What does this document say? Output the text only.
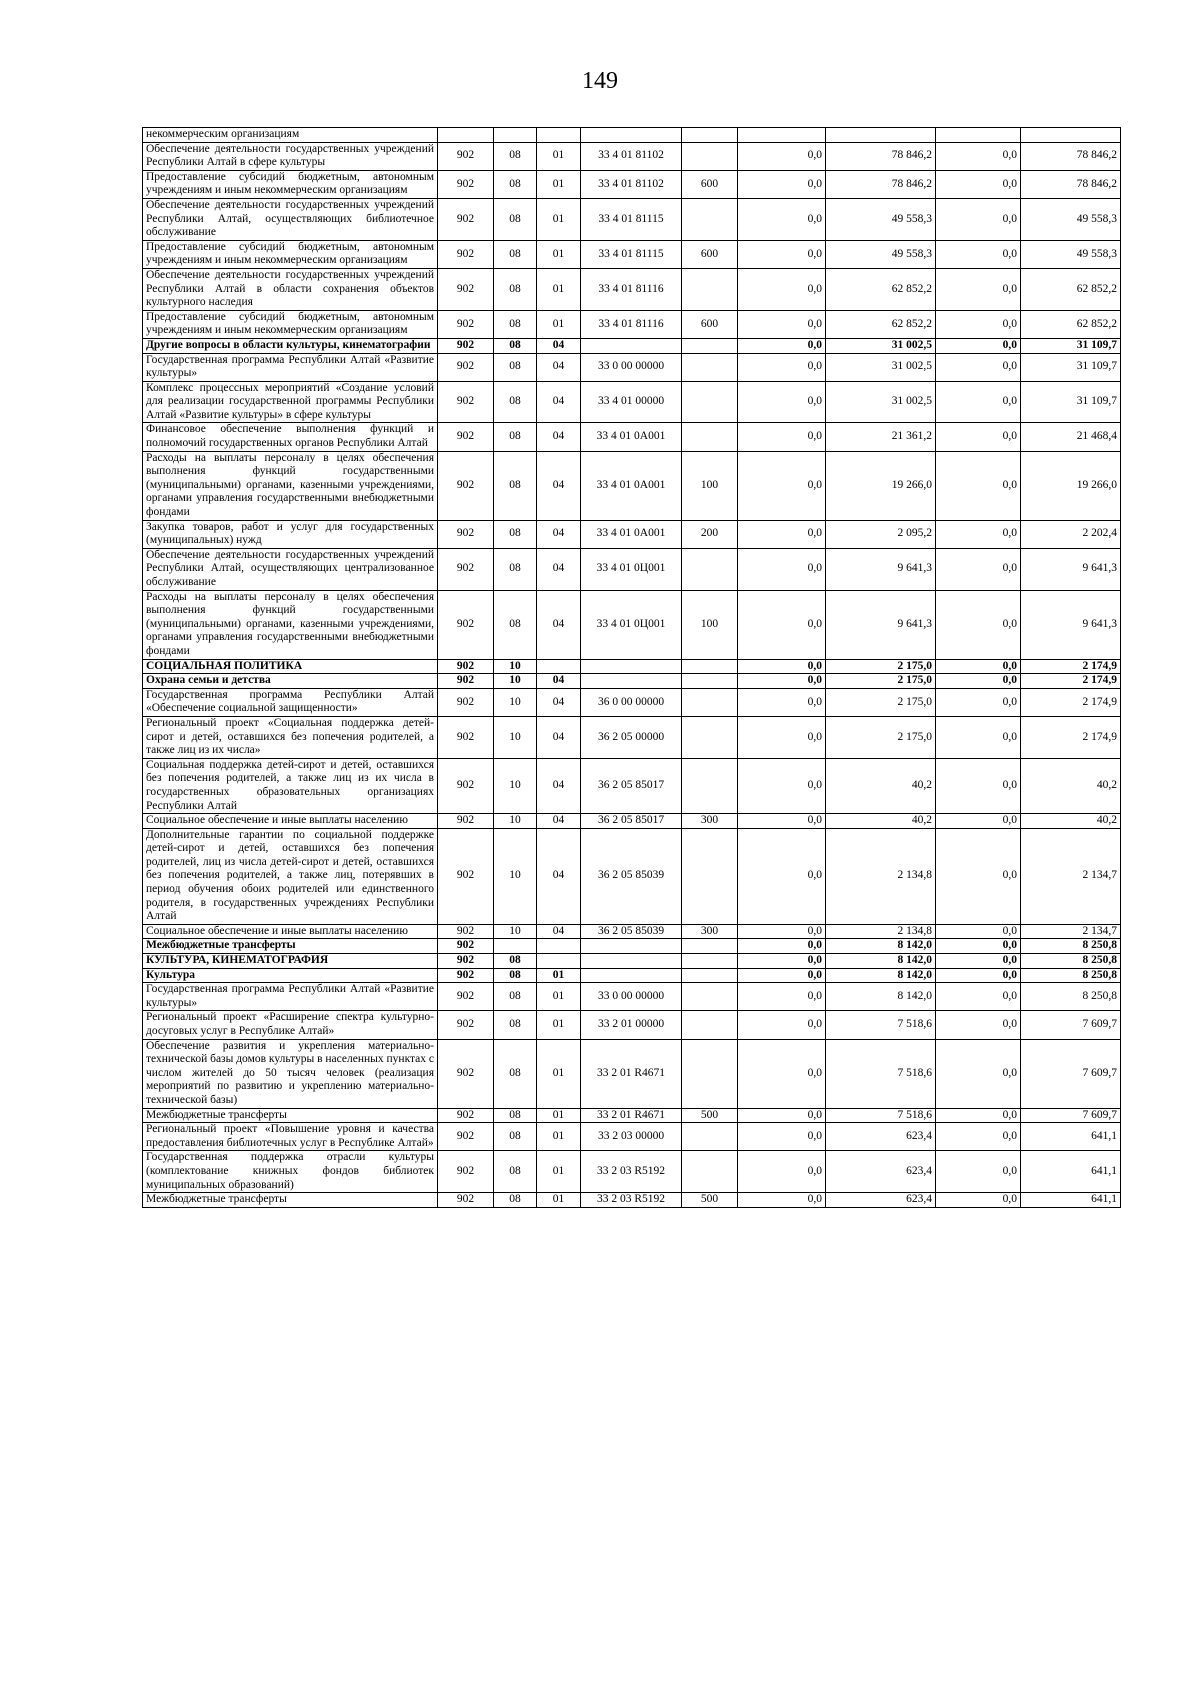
149
некоммерческим организациям									
Обеспечение деятельности государственных учреждений Республики Алтай в сфере культуры	902	08	01	33 4 01 81102		0,0	78 846,2	0,0	78 846,2
Предоставление субсидий бюджетным, автономным учреждениям и иным некоммерческим организациям	902	08	01	33 4 01 81102	600	0,0	78 846,2	0,0	78 846,2
Обеспечение деятельности государственных учреждений Республики Алтай, осуществляющих библиотечное обслуживание	902	08	01	33 4 01 81115		0,0	49 558,3	0,0	49 558,3
Предоставление субсидий бюджетным, автономным учреждениям и иным некоммерческим организациям	902	08	01	33 4 01 81115	600	0,0	49 558,3	0,0	49 558,3
Обеспечение деятельности государственных учреждений Республики Алтай в области сохранения объектов культурного наследия	902	08	01	33 4 01 81116		0,0	62 852,2	0,0	62 852,2
Предоставление субсидий бюджетным, автономным учреждениям и иным некоммерческим организациям	902	08	01	33 4 01 81116	600	0,0	62 852,2	0,0	62 852,2
Другие вопросы в области культуры, кинематографии	902	08	04			0,0	31 002,5	0,0	31 109,7
Государственная программа Республики Алтай «Развитие культуры»	902	08	04	33 0 00 00000		0,0	31 002,5	0,0	31 109,7
Комплекс процессных мероприятий «Создание условий для реализации государственной программы Республики Алтай «Развитие культуры» в сфере культуры	902	08	04	33 4 01 00000		0,0	31 002,5	0,0	31 109,7
Финансовое обеспечение выполнения функций и полномочий государственных органов Республики Алтай	902	08	04	33 4 01 0А001		0,0	21 361,2	0,0	21 468,4
Расходы на выплаты персоналу в целях обеспечения выполнения функций государственными (муниципальными) органами, казенными учреждениями, органами управления государственными внебюджетными фондами	902	08	04	33 4 01 0А001	100	0,0	19 266,0	0,0	19 266,0
Закупка товаров, работ и услуг для государственных (муниципальных) нужд	902	08	04	33 4 01 0А001	200	0,0	2 095,2	0,0	2 202,4
Обеспечение деятельности государственных учреждений Республики Алтай, осуществляющих централизованное обслуживание	902	08	04	33 4 01 0Ц001		0,0	9 641,3	0,0	9 641,3
Расходы на выплаты персоналу в целях обеспечения выполнения функций государственными (муниципальными) органами, казенными учреждениями, органами управления государственными внебюджетными фондами	902	08	04	33 4 01 0Ц001	100	0,0	9 641,3	0,0	9 641,3
СОЦИАЛЬНАЯ ПОЛИТИКА	902	10				0,0	2 175,0	0,0	2 174,9
Охрана семьи и детства	902	10	04			0,0	2 175,0	0,0	2 174,9
Государственная программа Республики Алтай «Обеспечение социальной защищенности»	902	10	04	36 0 00 00000		0,0	2 175,0	0,0	2 174,9
Региональный проект «Социальная поддержка детей-сирот и детей, оставшихся без попечения родителей, а также лиц из их числа»	902	10	04	36 2 05 00000		0,0	2 175,0	0,0	2 174,9
Социальная поддержка детей-сирот и детей, оставшихся без попечения родителей, а также лиц из их числа в государственных образовательных организациях Республики Алтай	902	10	04	36 2 05 85017		0,0	40,2	0,0	40,2
Социальное обеспечение и иные выплаты населению	902	10	04	36 2 05 85017	300	0,0	40,2	0,0	40,2
Дополнительные гарантии по социальной поддержке детей-сирот и детей, оставшихся без попечения родителей, лиц из числа детей-сирот и детей, оставшихся без попечения родителей, а также лиц, потерявших в период обучения обоих родителей или единственного родителя, в государственных учреждениях Республики Алтай	902	10	04	36 2 05 85039		0,0	2 134,8	0,0	2 134,7
Социальное обеспечение и иные выплаты населению	902	10	04	36 2 05 85039	300	0,0	2 134,8	0,0	2 134,7
Межбюджетные трансферты	902					0,0	8 142,0	0,0	8 250,8
КУЛЬТУРА, КИНЕМАТОГРАФИЯ	902	08				0,0	8 142,0	0,0	8 250,8
Культура	902	08	01			0,0	8 142,0	0,0	8 250,8
Государственная программа Республики Алтай «Развитие культуры»	902	08	01	33 0 00 00000		0,0	8 142,0	0,0	8 250,8
Региональный проект «Расширение спектра культурно-досуговых услуг в Республике Алтай»	902	08	01	33 2 01 00000		0,0	7 518,6	0,0	7 609,7
Обеспечение развития и укрепления материально-технической базы домов культуры в населенных пунктах с числом жителей до 50 тысяч человек (реализация мероприятий по развитию и укреплению материально-технической базы)	902	08	01	33 2 01 R4671		0,0	7 518,6	0,0	7 609,7
Межбюджетные трансферты	902	08	01	33 2 01 R4671	500	0,0	7 518,6	0,0	7 609,7
Региональный проект «Повышение уровня и качества предоставления библиотечных услуг в Республике Алтай»	902	08	01	33 2 03 00000		0,0	623,4	0,0	641,1
Государственная поддержка отрасли культуры (комплектование книжных фондов библиотек муниципальных образований)	902	08	01	33 2 03 R5192		0,0	623,4	0,0	641,1
Межбюджетные трансферты	902	08	01	33 2 03 R5192	500	0,0	623,4	0,0	641,1
